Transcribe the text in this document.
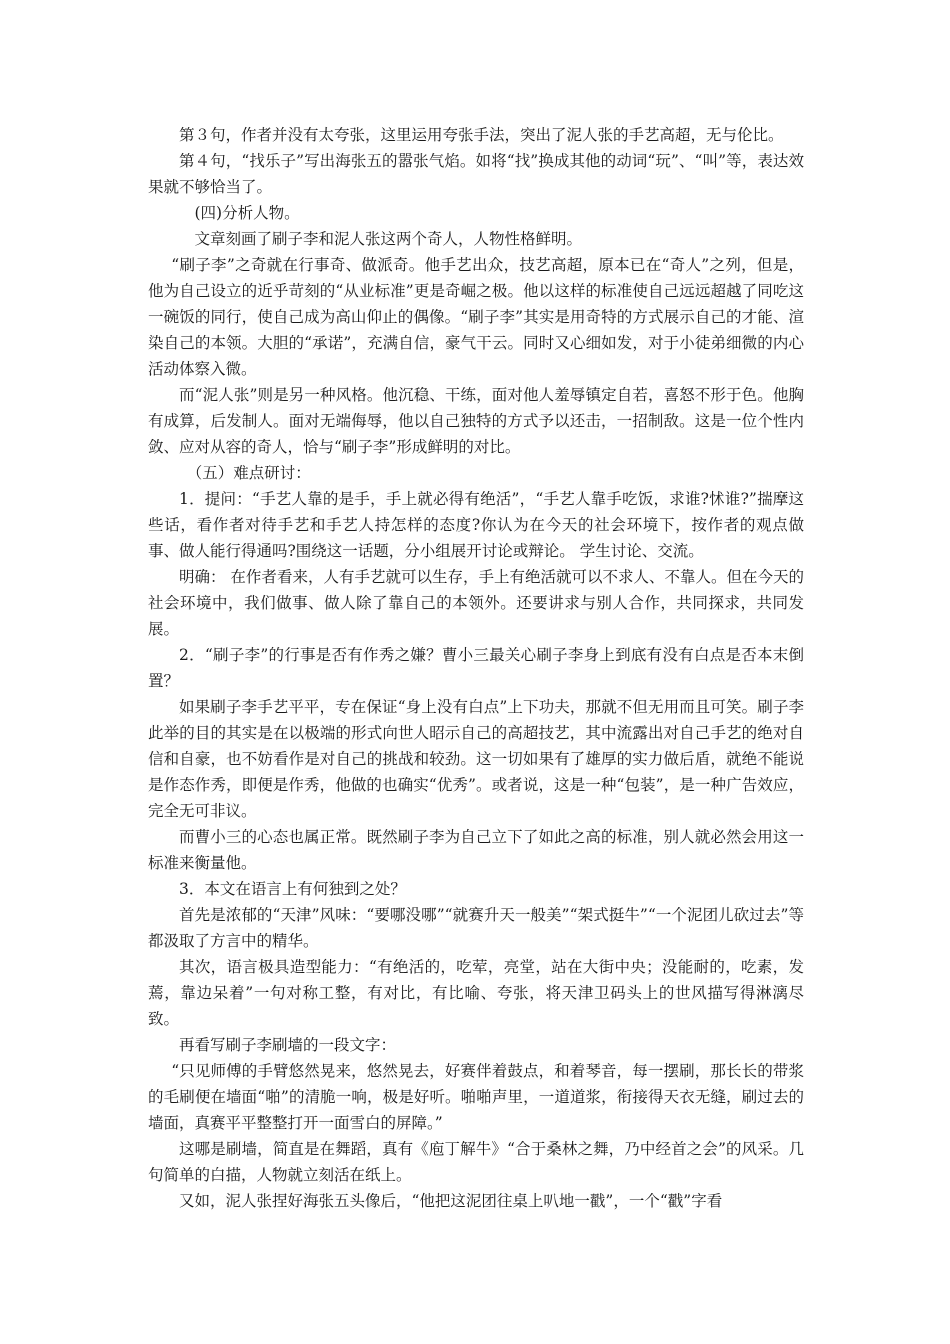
第３句，作者并没有太夸张，这里运用夸张手法，突出了泥人张的手艺高超，无与伦比。

第４句，“找乐子”写出海张五的嚣张气焰。如将“找”换成其他的动词“玩”、“叫”等，表达效果就不够恰当了。

(四)分析人物。

文章刻画了刷子李和泥人张这两个奇人，人物性格鲜明。

“刷子李”之奇就在行事奇、做派奇。他手艺出众，技艺高超，原本已在“奇人”之列，但是，他为自己设立的近乎苛刻的“从业标准”更是奇崛之极。他以这样的标准使自己远远超越了同吃这一碗饭的同行，使自己成为高山仰止的偶像。“刷子李”其实是用奇特的方式展示自己的才能、渲染自己的本领。大胆的“承诺”，充满自信，豪气干云。同时又心细如发，对于小徒弟细微的内心活动体察入微。

而“泥人张”则是另一种风格。他沉稳、干练，面对他人羞辱镇定自若，喜怒不形于色。他胸有成算，后发制人。面对无端侮辱，他以自己独特的方式予以还击，一招制敌。这是一位个性内敛、应对从容的奇人，恰与“刷子李”形成鲜明的对比。

（五）难点研讨：

1．提问：“手艺人靠的是手，手上就必得有绝活”，“手艺人靠手吃饭，求谁?怵谁?”揣摩这些话，看作者对待手艺和手艺人持怎样的态度?你认为在今天的社会环境下，按作者的观点做事、做人能行得通吗?围绕这一话题，分小组展开讨论或辩论。 学生讨论、交流。

明确： 在作者看来，人有手艺就可以生存，手上有绝活就可以不求人、不靠人。但在今天的社会环境中，我们做事、做人除了靠自己的本领外。还要讲求与别人合作，共同探求，共同发展。

2．“刷子李”的行事是否有作秀之嫌？曹小三最关心刷子李身上到底有没有白点是否本末倒置？

如果刷子李手艺平平，专在保证“身上没有白点”上下功夫，那就不但无用而且可笑。刷子李此举的目的其实是在以极端的形式向世人昭示自己的高超技艺，其中流露出对自己手艺的绝对自信和自豪，也不妨看作是对自己的挑战和较劲。这一切如果有了雄厚的实力做后盾，就绝不能说是作态作秀，即便是作秀，他做的也确实“优秀”。或者说，这是一种“包装”，是一种广告效应，完全无可非议。

而曹小三的心态也属正常。既然刷子李为自己立下了如此之高的标准，别人就必然会用这一标准来衡量他。

3．本文在语言上有何独到之处？

首先是浓郁的“天津”风味：“要哪没哪”“就赛升天一般美”“架式挺牛”“一个泥团儿砍过去”等都汲取了方言中的精华。

其次，语言极具造型能力：“有绝活的，吃荤，亮堂，站在大街中央；没能耐的，吃素，发蔫，靠边呆着”一句对称工整，有对比，有比喻、夸张，将天津卫码头上的世风描写得淋漓尽致。

再看写刷子李刷墙的一段文字：

“只见师傅的手臂悠然晃来，悠然晃去，好赛伴着鼓点，和着琴音，每一摆刷，那长长的带浆的毛刷便在墙面“啪”的清脆一响，极是好听。啪啪声里，一道道浆，衔接得天衣无缝，刷过去的墙面，真赛平平整整打开一面雪白的屏障。”

这哪是刷墙，简直是在舞蹈，真有《庖丁解牛》“合于桑林之舞，乃中经首之会”的风采。几句简单的白描，人物就立刻活在纸上。

又如，泥人张捏好海张五头像后，“他把这泥团往桌上叭地一戳”，一个“戳”字看
